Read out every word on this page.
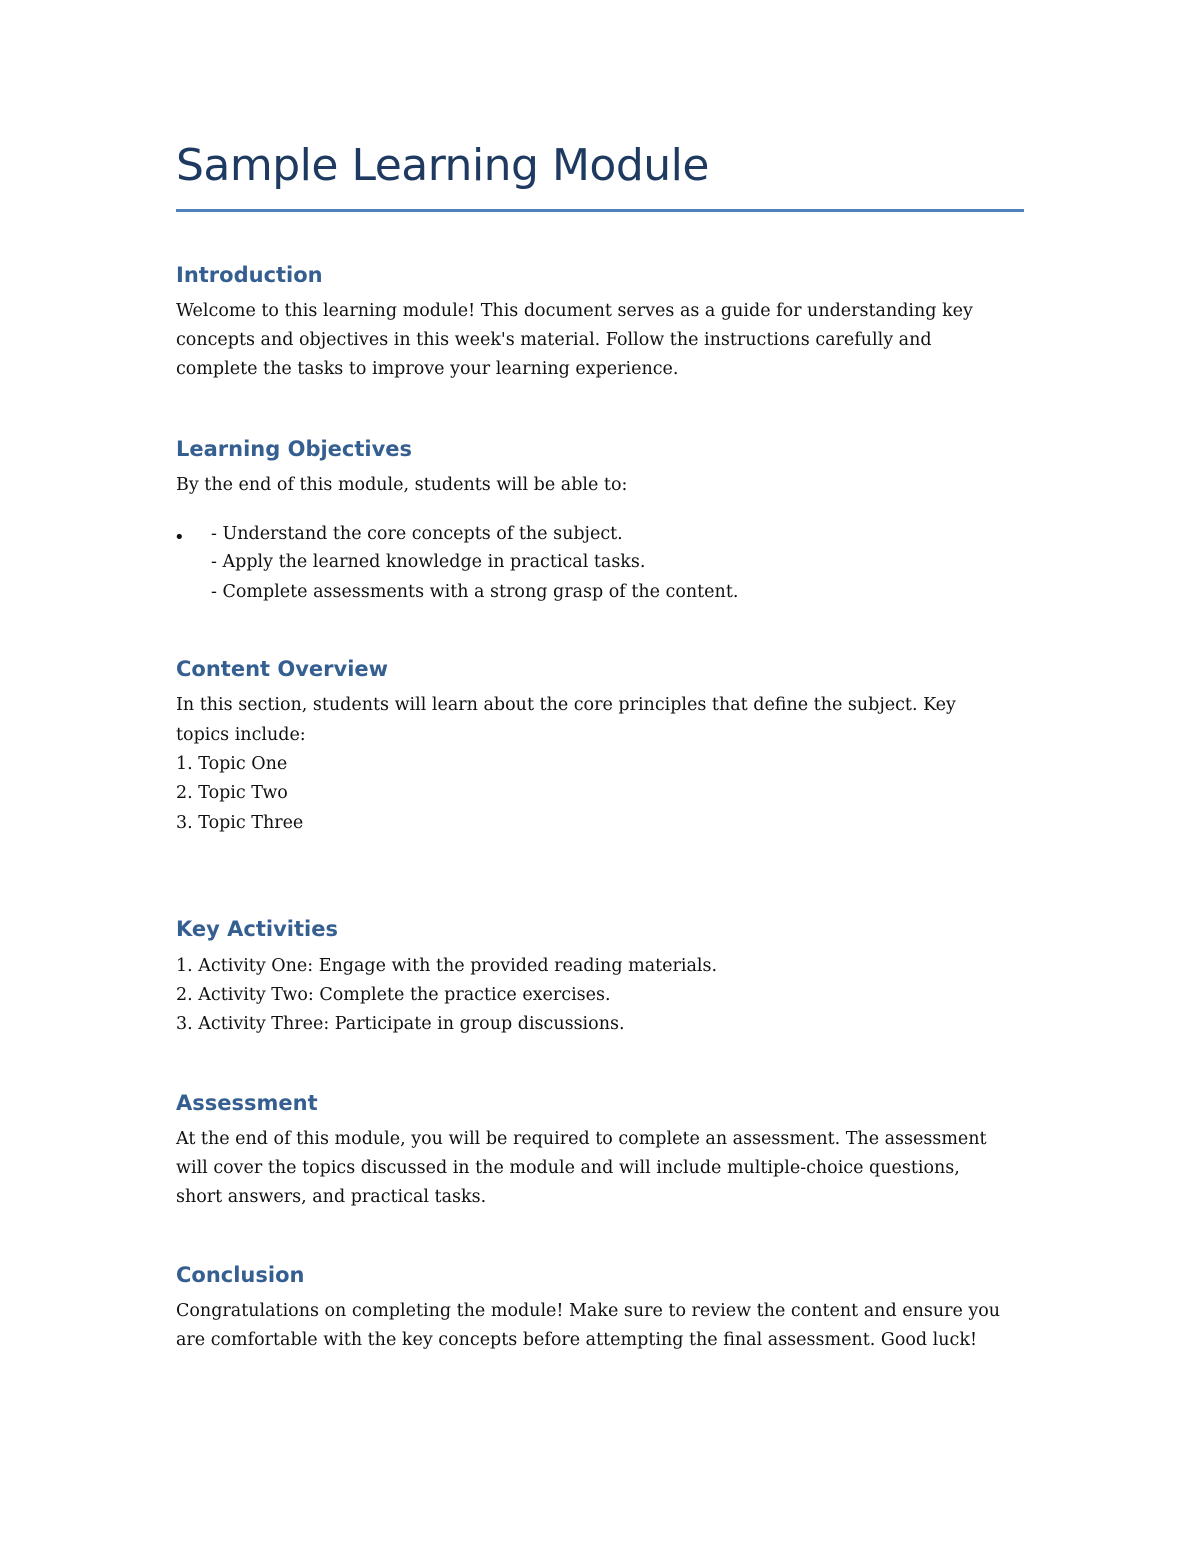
Sample Learning Module
Introduction
Welcome to this learning module! This document serves as a guide for understanding key
concepts and objectives in this week's material. Follow the instructions carefully and
complete the tasks to improve your learning experience.
Learning Objectives
By the end of this module, students will be able to:
• - Understand the core concepts of the subject.
- Apply the learned knowledge in practical tasks.
- Complete assessments with a strong grasp of the content.
Content Overview
In this section, students will learn about the core principles that define the subject. Key
topics include:
1. Topic One
2. Topic Two
3. Topic Three
Key Activities
1. Activity One: Engage with the provided reading materials.
2. Activity Two: Complete the practice exercises.
3. Activity Three: Participate in group discussions.
Assessment
At the end of this module, you will be required to complete an assessment. The assessment
will cover the topics discussed in the module and will include multiple-choice questions,
short answers, and practical tasks.
Conclusion
Congratulations on completing the module! Make sure to review the content and ensure you
are comfortable with the key concepts before attempting the final assessment. Good luck!
